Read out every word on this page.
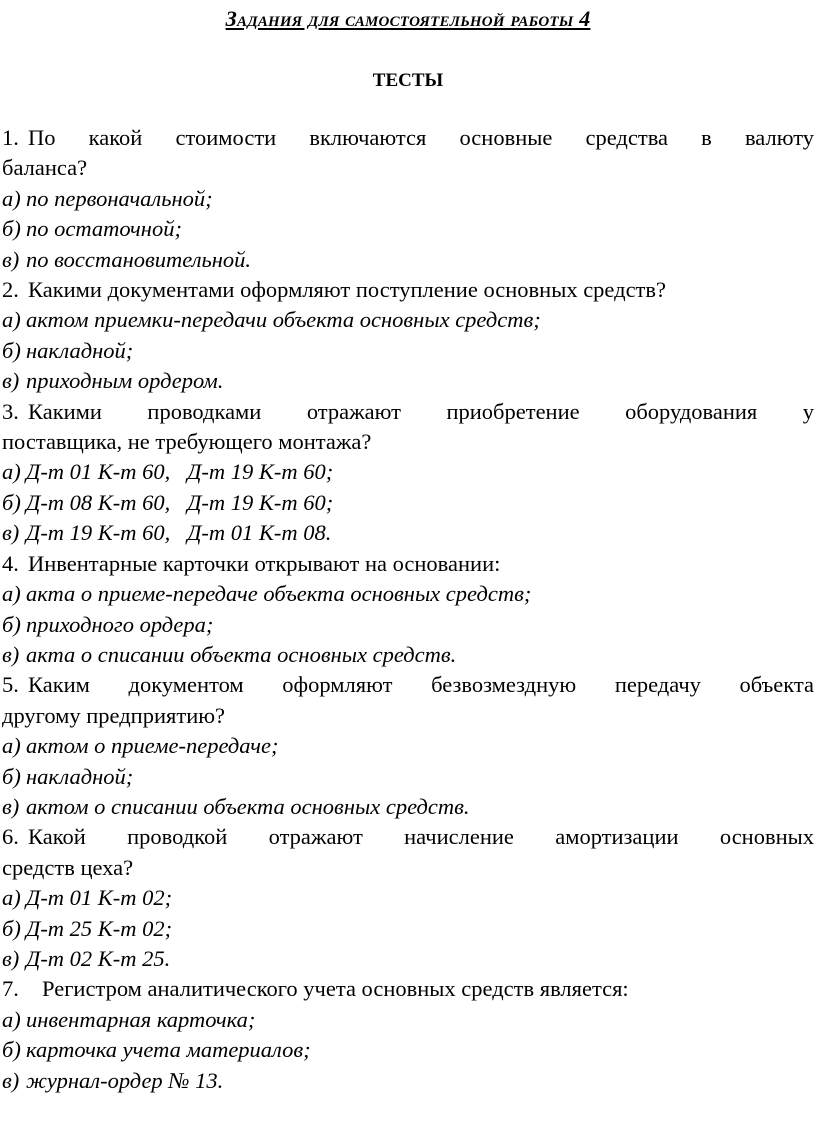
Задания для самостоятельной работы 4
ТЕСТЫ
1. По какой стоимости включаются основные средства в валюту
баланса?
а) по первоначальной;
б) по остаточной;
в) по восстановительной.
2. Какими документами оформляют поступление основных средств?
а) актом приемки-передачи объекта основных средств;
б) накладной;
в) приходным ордером.
3. Какими проводками отражают приобретение оборудования у
поставщика, не требующего монтажа?
а) Д-т 01 К-т 60,   Д-т 19 К-т 60;
б) Д-т 08 К-т 60,   Д-т 19 К-т 60;
в) Д-т 19 К-т 60,   Д-т 01 К-т 08.
4. Инвентарные карточки открывают на основании:
а) акта о приеме-передаче объекта основных средств;
б) приходного ордера;
в) акта о списании объекта основных средств.
5. Каким документом оформляют безвозмездную передачу объекта
другому предприятию?
а) актом о приеме-передаче;
б) накладной;
в) актом о списании объекта основных средств.
6. Какой проводкой отражают начисление амортизации основных
средств цеха?
а) Д-т 01 К-т 02;
б) Д-т 25 К-т 02;
в) Д-т 02 К-т 25.
7.	Регистром аналитического учета основных средств является:
а) инвентарная карточка;
б) карточка учета материалов;
в) журнал-ордер № 13.
